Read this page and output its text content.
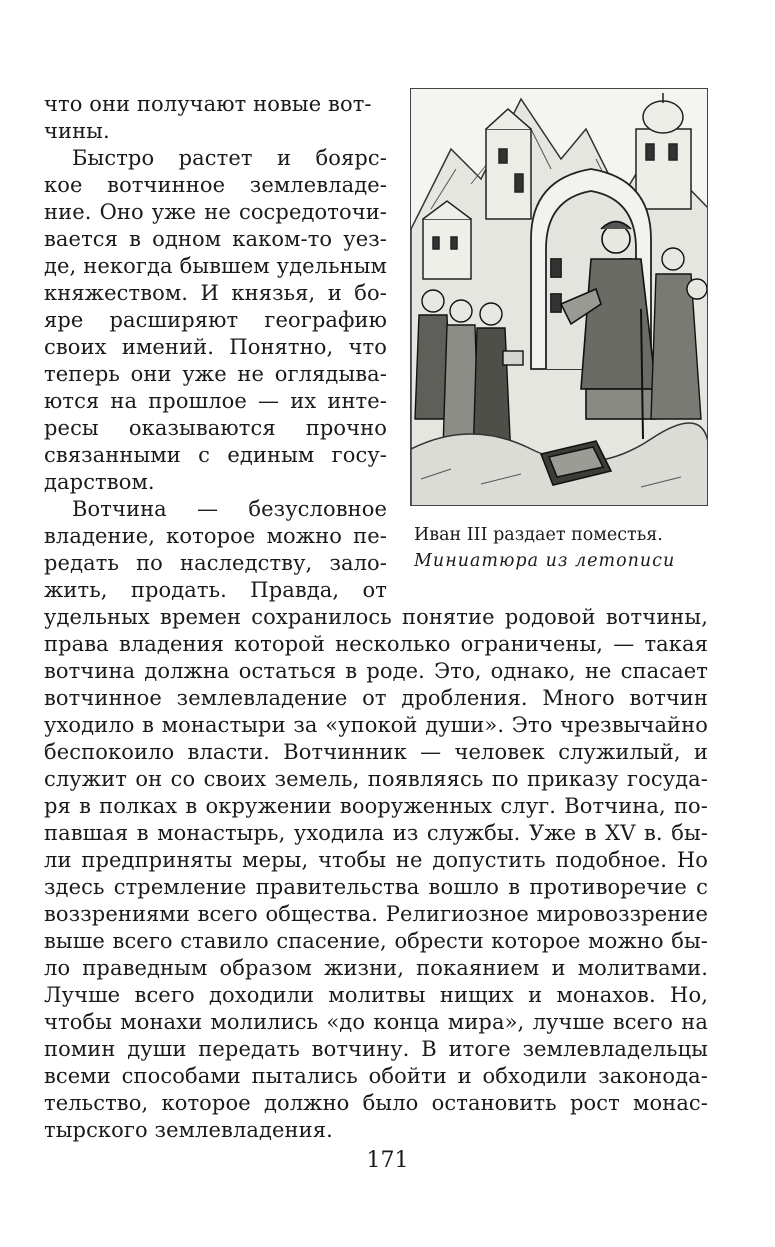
что они получают новые вот-
чины.
Быстро растет и боярс-
кое вотчинное землевладе-
ние. Оно уже не сосредоточи-
вается в одном каком-то уез-
де, некогда бывшем удельным
княжеством. И князья, и бо-
яре расширяют географию
своих имений. Понятно, что
теперь они уже не оглядыва-
ются на прошлое — их инте-
ресы оказываются прочно
связанными с единым госу-
дарством.
Вотчина — безусловное
владение, которое можно пе-
редать по наследству, зало-
жить, продать. Правда, от
удельных времен сохранилось понятие родовой вотчины,
права владения которой несколько ограничены, — такая
вотчина должна остаться в роде. Это, однако, не спасает
вотчинное землевладение от дробления. Много вотчин
уходило в монастыри за «упокой души». Это чрезвычайно
беспокоило власти. Вотчинник — человек служилый, и
служит он со своих земель, появляясь по приказу госуда-
ря в полках в окружении вооруженных слуг. Вотчина, по-
павшая в монастырь, уходила из службы. Уже в XV в. бы-
ли предприняты меры, чтобы не допустить подобное. Но
здесь стремление правительства вошло в противоречие с
воззрениями всего общества. Религиозное мировоззрение
выше всего ставило спасение, обрести которое можно бы-
ло праведным образом жизни, покаянием и молитвами.
Лучше всего доходили молитвы нищих и монахов. Но,
чтобы монахи молились «до конца мира», лучше всего на
помин души передать вотчину. В итоге землевладельцы
всеми способами пытались обойти и обходили законода-
тельство, которое должно было остановить рост монас-
тырского землевладения.
Иван III раздает поместья.
Миниатюра из летописи
171
